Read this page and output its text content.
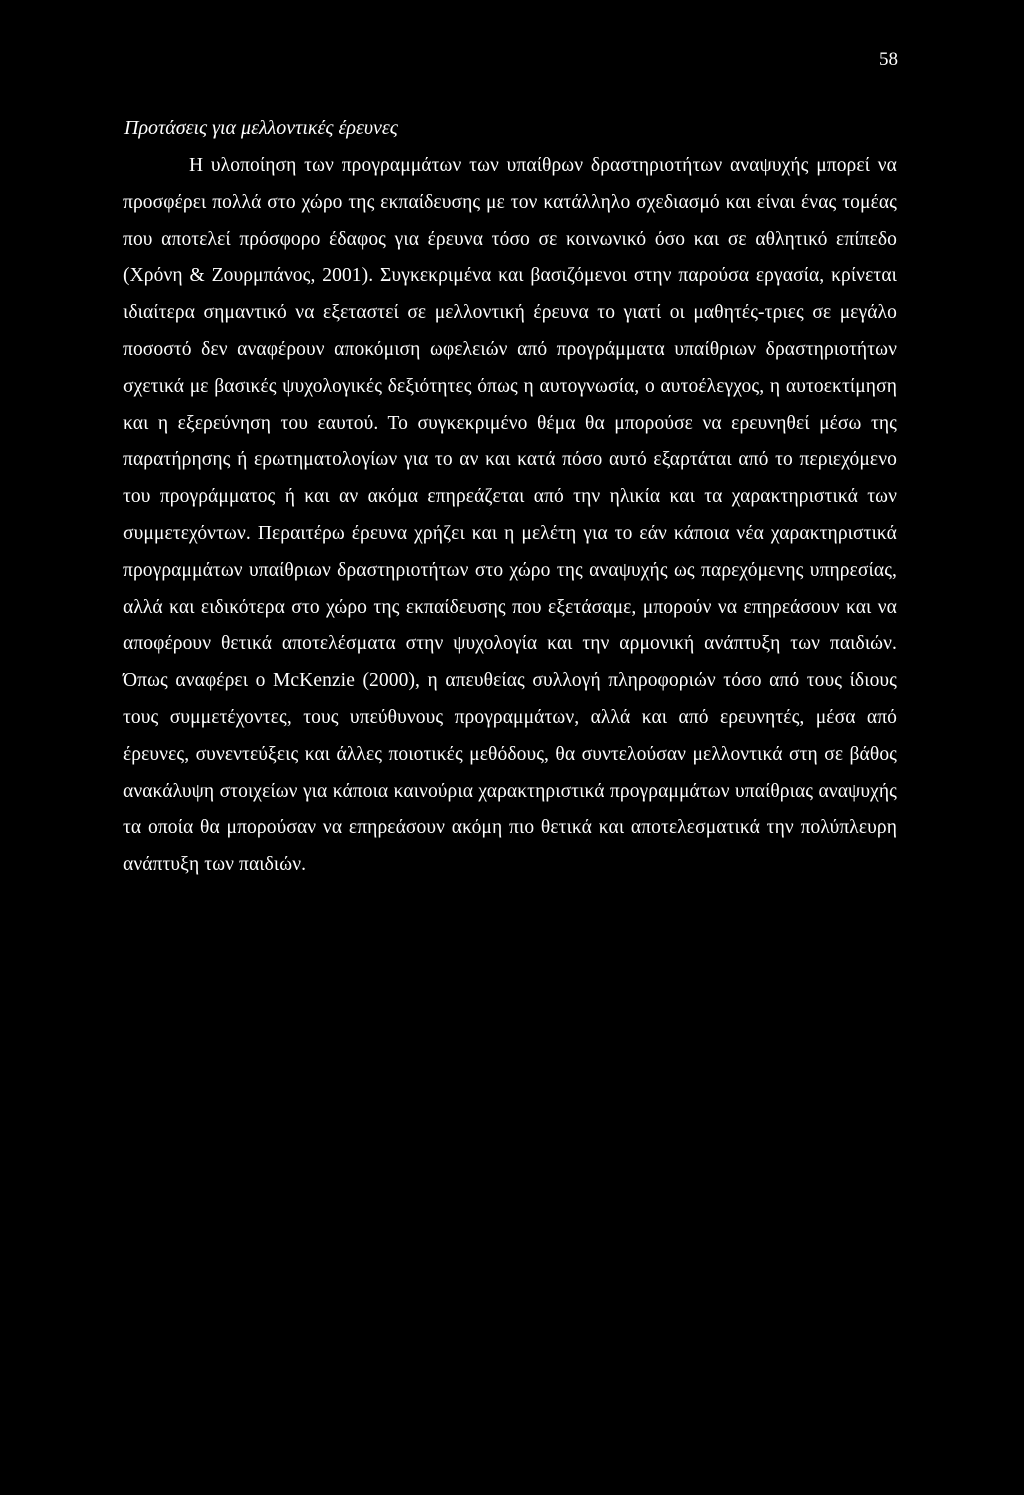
58
Προτάσεις για μελλοντικές έρευνες

Η υλοποίηση των προγραμμάτων των υπαίθρων δραστηριοτήτων αναψυχής μπορεί να προσφέρει πολλά στο χώρο της εκπαίδευσης με τον κατάλληλο σχεδιασμό και είναι ένας τομέας που αποτελεί πρόσφορο έδαφος για έρευνα τόσο σε κοινωνικό όσο και σε αθλητικό επίπεδο (Χρόνη & Ζουρμπάνος, 2001). Συγκεκριμένα και βασιζόμενοι στην παρούσα εργασία, κρίνεται ιδιαίτερα σημαντικό να εξεταστεί σε μελλοντική έρευνα το γιατί οι μαθητές-τριες σε μεγάλο ποσοστό δεν αναφέρουν αποκόμιση ωφελειών από προγράμματα υπαίθριων δραστηριοτήτων σχετικά με βασικές ψυχολογικές δεξιότητες όπως η αυτογνωσία, ο αυτοέλεγχος, η αυτοεκτίμηση και η εξερεύνηση του εαυτού. Το συγκεκριμένο θέμα θα μπορούσε να ερευνηθεί μέσω της παρατήρησης ή ερωτηματολογίων για το αν και κατά πόσο αυτό εξαρτάται από το περιεχόμενο του προγράμματος ή και αν ακόμα επηρεάζεται από την ηλικία και τα χαρακτηριστικά των συμμετεχόντων. Περαιτέρω έρευνα χρήζει και η μελέτη για το εάν κάποια νέα χαρακτηριστικά προγραμμάτων υπαίθριων δραστηριοτήτων στο χώρο της αναψυχής ως παρεχόμενης υπηρεσίας, αλλά και ειδικότερα στο χώρο της εκπαίδευσης που εξετάσαμε, μπορούν να επηρεάσουν και να αποφέρουν θετικά αποτελέσματα στην ψυχολογία και την αρμονική ανάπτυξη των παιδιών. Όπως αναφέρει ο McKenzie (2000), η απευθείας συλλογή πληροφοριών τόσο από τους ίδιους τους συμμετέχοντες, τους υπεύθυνους προγραμμάτων, αλλά και από ερευνητές, μέσα από έρευνες, συνεντεύξεις και άλλες ποιοτικές μεθόδους, θα συντελούσαν μελλοντικά στη σε βάθος ανακάλυψη στοιχείων για κάποια καινούρια χαρακτηριστικά προγραμμάτων υπαίθριας αναψυχής τα οποία θα μπορούσαν να επηρεάσουν ακόμη πιο θετικά και αποτελεσματικά την πολύπλευρη ανάπτυξη των παιδιών.
